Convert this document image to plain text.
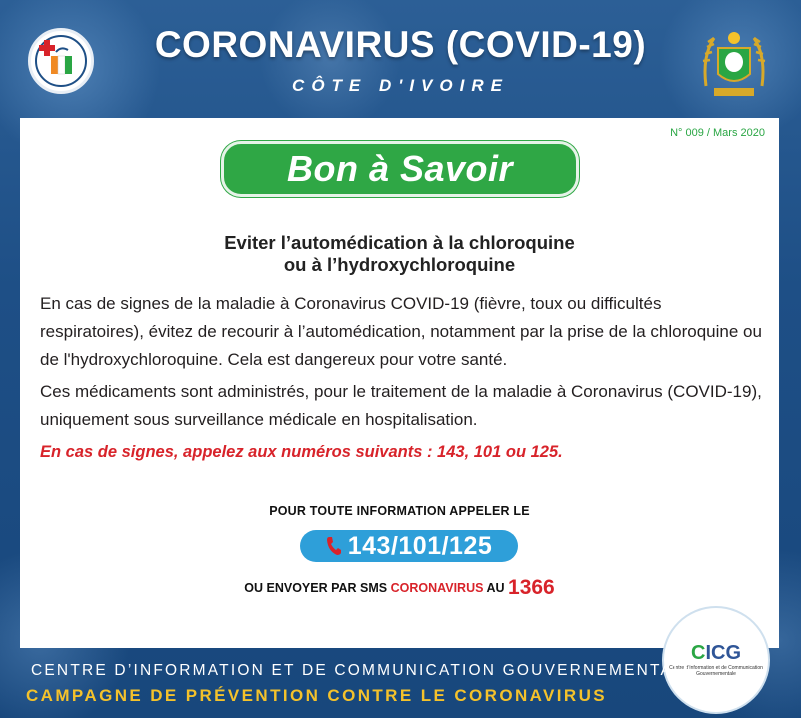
CORONAVIRUS (COVID-19)
CÔTE D'IVOIRE
N° 009 / Mars 2020
Bon à Savoir
Eviter l’automédication à la chloroquine
ou à l’hydroxychloroquine

En cas de signes de la maladie à Coronavirus COVID-19 (fièvre, toux ou difficultés respiratoires), évitez de recourir à l’automédication, notamment par la prise de la chloroquine ou de l'hydroxychloroquine. Cela est dangereux pour votre santé.

Ces médicaments sont administrés, pour le traitement de la maladie à Coronavirus (COVID-19), uniquement sous surveillance médicale en hospitalisation.

En cas de signes, appelez aux numéros suivants : 143, 101 ou 125.
POUR TOUTE INFORMATION APPELER LE
143/101/125
OU ENVOYER PAR SMS CORONAVIRUS AU 1366
CICG
Centre d'Information et de Communication Gouvernementale
CENTRE D’INFORMATION ET DE COMMUNICATION GOUVERNEMENTALE
CAMPAGNE DE PRÉVENTION CONTRE LE CORONAVIRUS
